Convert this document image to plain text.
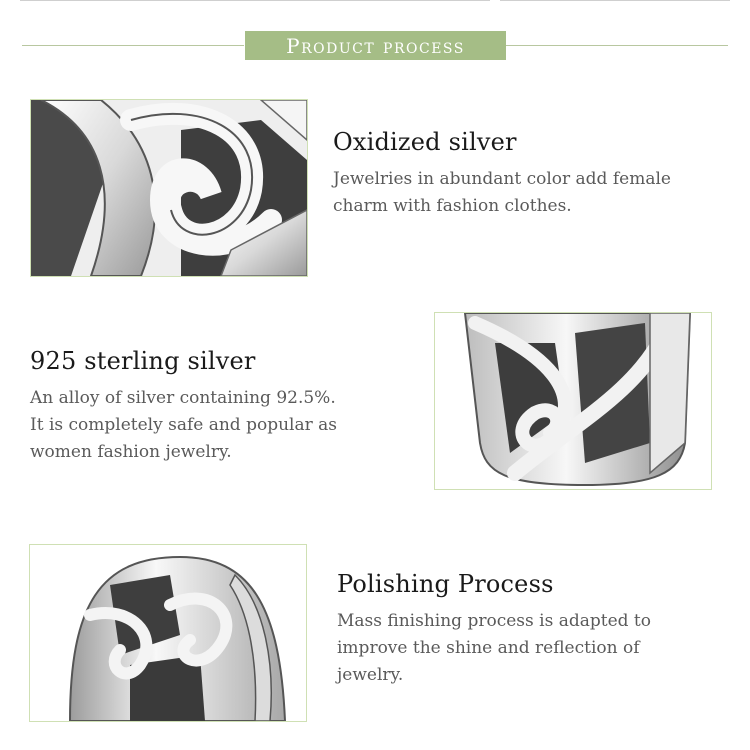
Product process
Oxidized silver

Jewelries in abundant color add female
charm with fashion clothes.

925 sterling silver

An alloy of silver containing 92.5%.
It is completely safe and popular as
women fashion jewelry.

Polishing Process

Mass finishing process is adapted to
improve the shine and reflection of
jewelry.
